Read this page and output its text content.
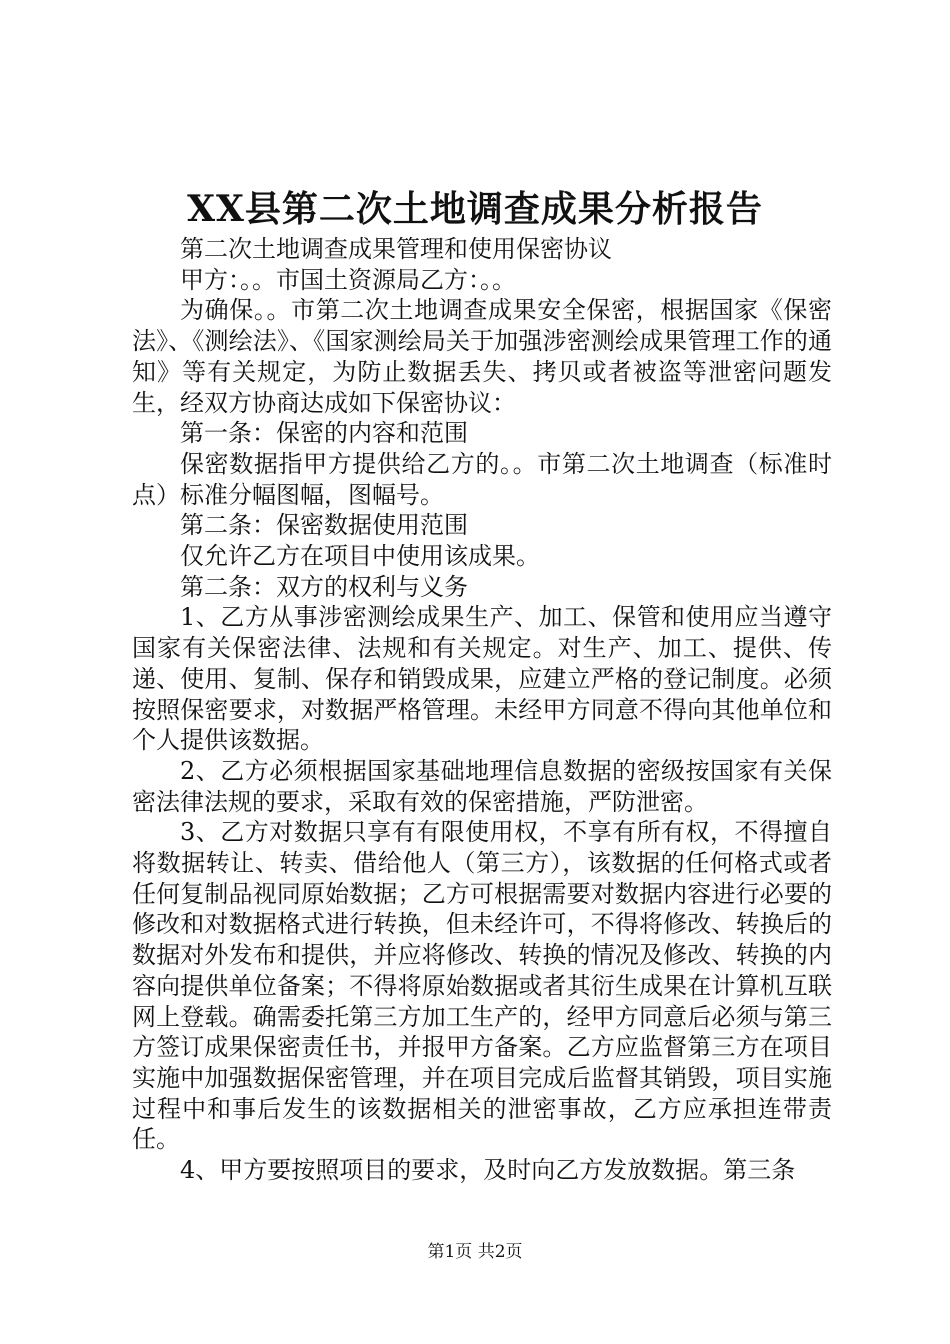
XX县第二次土地调查成果分析报告

第二次土地调查成果管理和使用保密协议

甲方：。。市国土资源局乙方：。。

为确保。。市第二次土地调查成果安全保密，根据国家《保密法》、《测绘法》、《国家测绘局关于加强涉密测绘成果管理工作的通知》等有关规定，为防止数据丢失、拷贝或者被盗等泄密问题发生，经双方协商达成如下保密协议：

第一条：保密的内容和范围

保密数据指甲方提供给乙方的。。市第二次土地调查（标准时点）标准分幅图幅，图幅号。

第二条：保密数据使用范围

仅允许乙方在项目中使用该成果。

第二条：双方的权利与义务

1、乙方从事涉密测绘成果生产、加工、保管和使用应当遵守国家有关保密法律、法规和有关规定。对生产、加工、提供、传递、使用、复制、保存和销毁成果，应建立严格的登记制度。必须按照保密要求，对数据严格管理。未经甲方同意不得向其他单位和个人提供该数据。

2、乙方必须根据国家基础地理信息数据的密级按国家有关保密法律法规的要求，采取有效的保密措施，严防泄密。

3、乙方对数据只享有有限使用权，不享有所有权，不得擅自将数据转让、转卖、借给他人（第三方），该数据的任何格式或者任何复制品视同原始数据；乙方可根据需要对数据内容进行必要的修改和对数据格式进行转换，但未经许可，不得将修改、转换后的数据对外发布和提供，并应将修改、转换的情况及修改、转换的内容向提供单位备案；不得将原始数据或者其衍生成果在计算机互联网上登载。确需委托第三方加工生产的，经甲方同意后必须与第三方签订成果保密责任书，并报甲方备案。乙方应监督第三方在项目实施中加强数据保密管理，并在项目完成后监督其销毁，项目实施过程中和事后发生的该数据相关的泄密事故，乙方应承担连带责任。

4、甲方要按照项目的要求，及时向乙方发放数据。第三条

第1页 共2页
